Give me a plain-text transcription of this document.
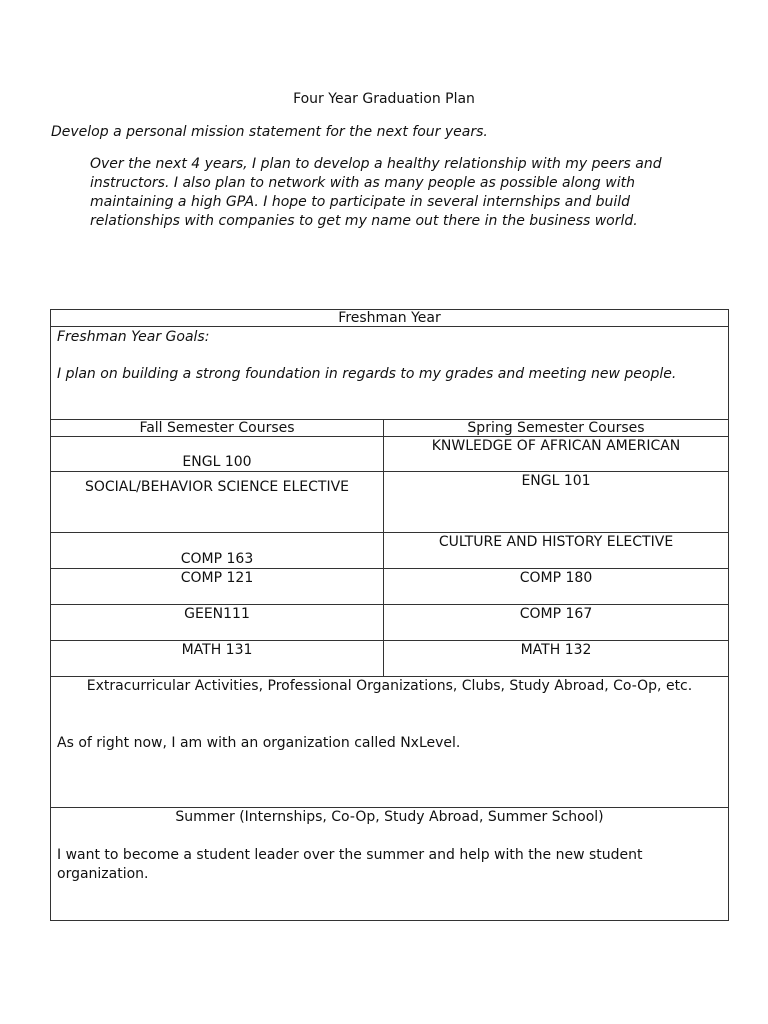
Four Year Graduation Plan
Develop a personal mission statement for the next four years.
Over the next 4 years, I plan to develop a healthy relationship with my peers and instructors. I also plan to network with as many people as possible along with maintaining a high GPA. I hope to participate in several internships and build relationships with companies to get my name out there in the business world.
Freshman Year	

Freshman Year Goals:
I plan on building a strong foundation in regards to my grades and meeting new people.	

Fall Semester Courses	Spring Semester Courses
ENGL 100	KNWLEDGE OF AFRICAN AMERICAN
SOCIAL/BEHAVIOR SCIENCE ELECTIVE	ENGL 101
COMP 163	CULTURE AND HISTORY ELECTIVE
COMP 121	COMP 180
GEEN111	COMP 167
MATH 131	MATH 132

Extracurricular Activities, Professional Organizations, Clubs, Study Abroad, Co-Op, etc.
As of right now, I am with an organization called NxLevel.	

Summer (Internships, Co-Op, Study Abroad, Summer School)
I want to become a student leader over the summer and help with the new student organization.	
